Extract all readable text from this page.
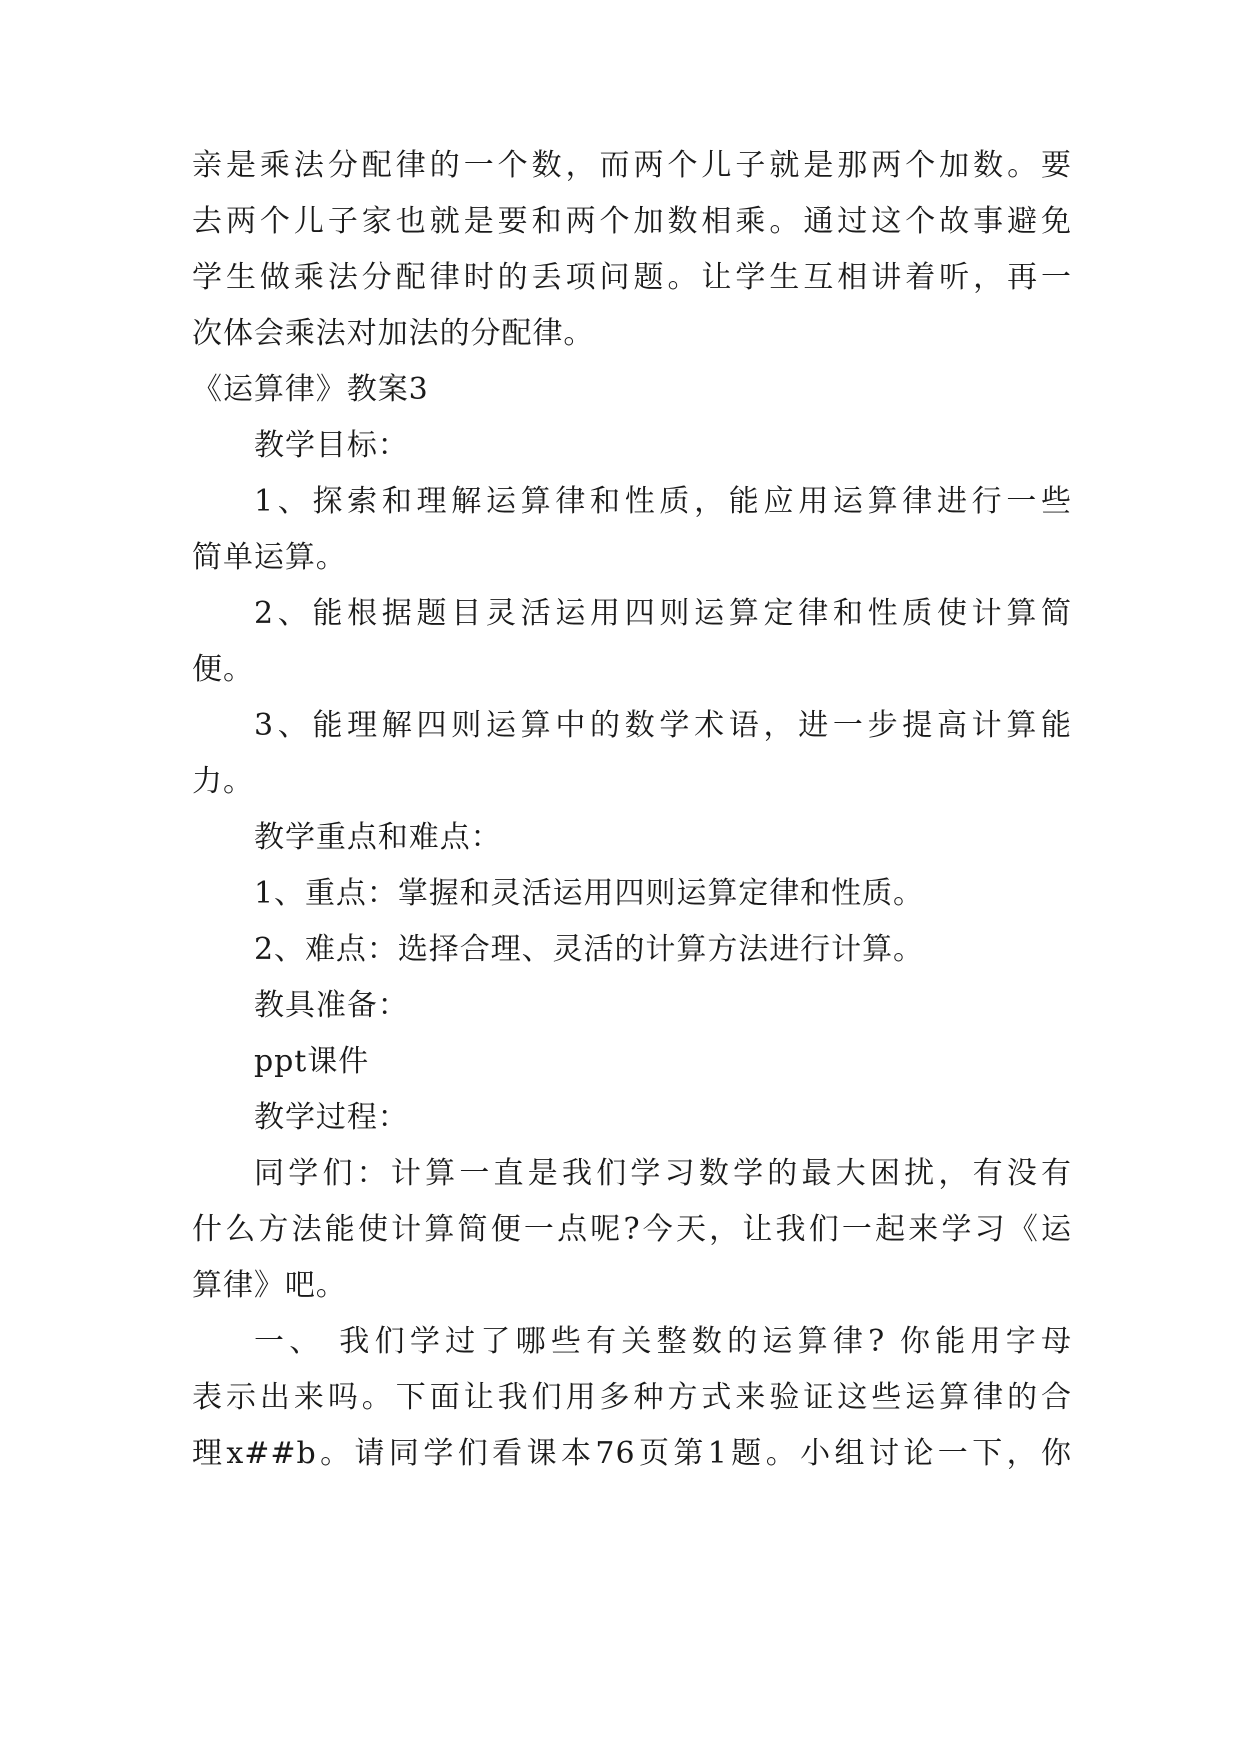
亲是乘法分配律的一个数，而两个儿子就是那两个加数。要
去两个儿子家也就是要和两个加数相乘。通过这个故事避免
学生做乘法分配律时的丢项问题。让学生互相讲着听，再一
次体会乘法对加法的分配律。
《运算律》教案3
教学目标：
1、探索和理解运算律和性质，能应用运算律进行一些
简单运算。
2、能根据题目灵活运用四则运算定律和性质使计算简
便。
3、能理解四则运算中的数学术语，进一步提高计算能
力。
教学重点和难点：
1、重点：掌握和灵活运用四则运算定律和性质。
2、难点：选择合理、灵活的计算方法进行计算。
教具准备：
ppt课件
教学过程：
同学们：计算一直是我们学习数学的最大困扰，有没有
什么方法能使计算简便一点呢?今天，让我们一起来学习《运
算律》吧。
一、 我们学过了哪些有关整数的运算律? 你能用字母
表示出来吗。下面让我们用多种方式来验证这些运算律的合
理x##b。请同学们看课本76页第1题。小组讨论一下，你
